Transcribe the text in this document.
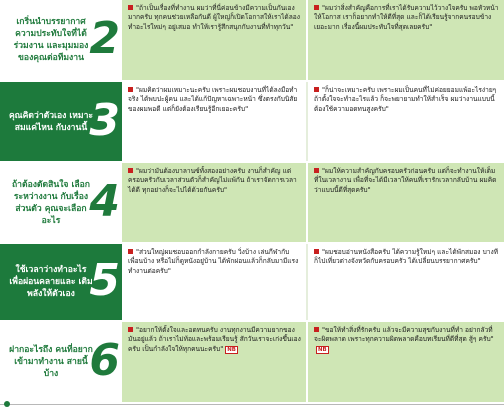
เกริ่นนำบรรยากาศ ความประทับใจที่ได้ร่วมงาน และมุมมองของคุณต่อทีมงาน 2
"ถ้าเป็นเรื่องที่ทำงาน ผมว่าที่นี่ค่อนข้างมีความเป็นกันเองมากครับ ทุกคนช่วยเหลือกันดี ผู้ใหญ่ก็เปิดโอกาสให้เราได้ลองทำอะไรใหม่ๆ อยู่เสมอ ทำให้เรารู้สึกสนุกกับงานที่ทำทุกวัน"
"ผมว่าสิ่งสำคัญคือการที่เราได้รับความไว้วางใจครับ พอหัวหน้าให้โอกาส เราก็อยากทำให้ดีที่สุด และก็ได้เรียนรู้จากคนรอบข้างเยอะมาก เรื่องนี้ผมประทับใจที่สุดเลยครับ"
คุณคิดว่าตัวเอง เหมาะสมแค่ไหน กับงานนี้ 3
"ผมคิดว่าผมเหมาะนะครับ เพราะผมชอบงานที่ได้ลงมือทำจริง ได้พบปะผู้คน และได้แก้ปัญหาเฉพาะหน้า ซึ่งตรงกับนิสัยของผมพอดี แต่ก็ยังต้องเรียนรู้อีกเยอะครับ"
"ก็น่าจะเหมาะครับ เพราะผมเป็นคนที่ไม่ค่อยยอมแพ้อะไรง่ายๆ ถ้าตั้งใจจะทำอะไรแล้ว ก็จะพยายามทำให้สำเร็จ ผมว่างานแบบนี้ต้องใช้ความอดทนสูงครับ"
ถ้าต้องตัดสินใจ เลือกระหว่างงาน กับเรื่องส่วนตัว คุณจะเลือกอะไร 4
"ผมว่ามันต้องบาลานซ์ทั้งสองอย่างครับ งานก็สำคัญ แต่ครอบครัวกับเวลาส่วนตัวก็สำคัญไม่แพ้กัน ถ้าเราจัดการเวลาได้ดี ทุกอย่างก็จะไปได้ด้วยกันครับ"
"ผมให้ความสำคัญกับครอบครัวก่อนครับ แต่ก็จะทำงานให้เต็มที่ในเวลางาน เพื่อที่จะได้มีเวลาให้คนที่เรารักเวลากลับบ้าน ผมคิดว่าแบบนี้ดีที่สุดครับ"
ใช้เวลาว่างทำอะไร เพื่อผ่อนคลายและ เติมพลังให้ตัวเอง 5
"ส่วนใหญ่ผมชอบออกกำลังกายครับ วิ่งบ้าง เล่นกีฬากับเพื่อนบ้าง หรือไม่ก็ดูหนังอยู่บ้าน ได้พักผ่อนแล้วก็กลับมามีแรงทำงานต่อครับ"
"ผมชอบอ่านหนังสือครับ ได้ความรู้ใหม่ๆ และได้พักสมอง บางทีก็ไปเที่ยวต่างจังหวัดกับครอบครัว ได้เปลี่ยนบรรยากาศครับ"
ฝากอะไรถึง คนที่อยาก เข้ามาทำงาน สายนี้บ้าง 6
"อยากให้ตั้งใจและอดทนครับ งานทุกงานมีความยากของมันอยู่แล้ว ถ้าเราไม่ท้อและพร้อมเรียนรู้ สักวันเราจะเก่งขึ้นเองครับ เป็นกำลังใจให้ทุกคนนะครับ" NB
"ขอให้ทำสิ่งที่รักครับ แล้วจะมีความสุขกับงานที่ทำ อย่ากลัวที่จะผิดพลาด เพราะทุกความผิดพลาดคือบทเรียนที่ดีที่สุด สู้ๆ ครับ"NB
